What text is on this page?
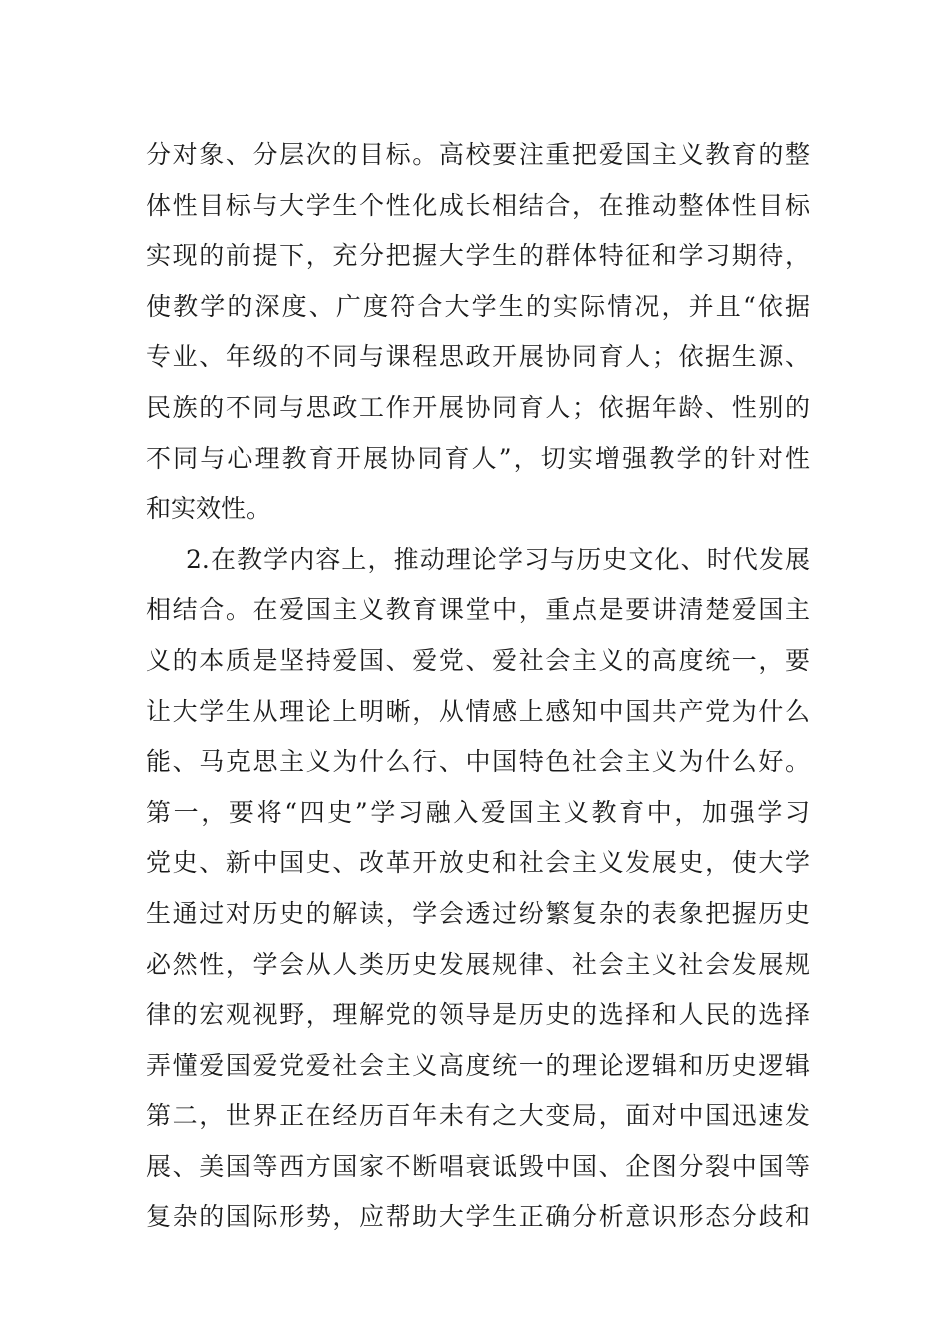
分对象、分层次的目标。高校要注重把爱国主义教育的整
体性目标与大学生个性化成长相结合，在推动整体性目标
实现的前提下，充分把握大学生的群体特征和学习期待，
使教学的深度、广度符合大学生的实际情况，并且“依据
专业、年级的不同与课程思政开展协同育人；依据生源、
民族的不同与思政工作开展协同育人；依据年龄、性别的
不同与心理教育开展协同育人”，切实增强教学的针对性
和实效性。
2.在教学内容上，推动理论学习与历史文化、时代发展
相结合。在爱国主义教育课堂中，重点是要讲清楚爱国主
义的本质是坚持爱国、爱党、爱社会主义的高度统一，要
让大学生从理论上明晰，从情感上感知中国共产党为什么
能、马克思主义为什么行、中国特色社会主义为什么好。
第一，要将“四史”学习融入爱国主义教育中，加强学习
党史、新中国史、改革开放史和社会主义发展史，使大学
生通过对历史的解读，学会透过纷繁复杂的表象把握历史
必然性，学会从人类历史发展规律、社会主义社会发展规
律的宏观视野，理解党的领导是历史的选择和人民的选择
弄懂爱国爱党爱社会主义高度统一的理论逻辑和历史逻辑
第二，世界正在经历百年未有之大变局，面对中国迅速发
展、美国等西方国家不断唱衰诋毁中国、企图分裂中国等
复杂的国际形势，应帮助大学生正确分析意识形态分歧和
